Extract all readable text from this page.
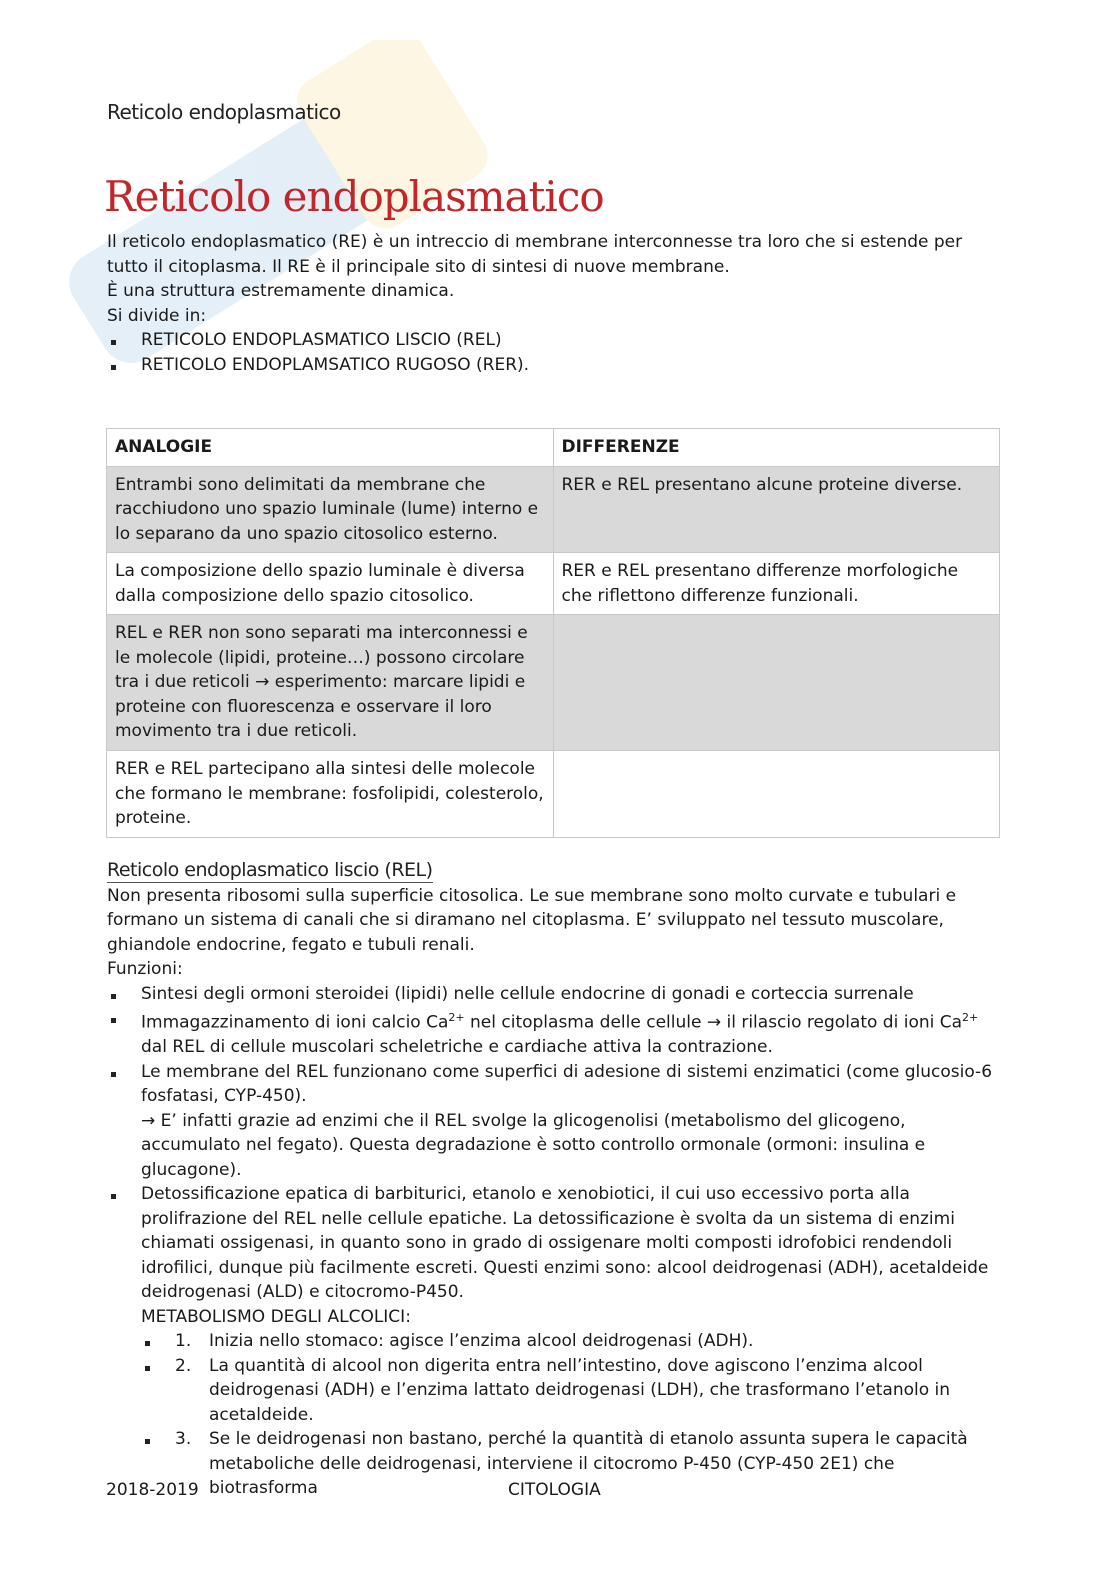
Reticolo endoplasmatico
Reticolo endoplasmatico

Il reticolo endoplasmatico (RE) è un intreccio di membrane interconnesse tra loro che si estende per tutto il citoplasma. Il RE è il principale sito di sintesi di nuove membrane.

È una struttura estremamente dinamica.

Si divide in:

RETICOLO ENDOPLASMATICO LISCIO (REL)
RETICOLO ENDOPLAMSATICO RUGOSO (RER).
ANALOGIE	DIFFERENZE
Entrambi sono delimitati da membrane che racchiudono uno spazio luminale (lume) interno e lo separano da uno spazio citosolico esterno.	RER e REL presentano alcune proteine diverse.
La composizione dello spazio luminale è diversa dalla composizione dello spazio citosolico.	RER e REL presentano differenze morfologiche che riflettono differenze funzionali.
REL e RER non sono separati ma interconnessi e le molecole (lipidi, proteine…) possono circolare tra i due reticoli → esperimento: marcare lipidi e proteine con fluorescenza e osservare il loro movimento tra i due reticoli.	
RER e REL partecipano alla sintesi delle molecole che formano le membrane: fosfolipidi, colesterolo, proteine.	
Reticolo endoplasmatico liscio (REL)

Non presenta ribosomi sulla superficie citosolica. Le sue membrane sono molto curvate e tubulari e formano un sistema di canali che si diramano nel citoplasma. E’ sviluppato nel tessuto muscolare, ghiandole endocrine, fegato e tubuli renali.

Funzioni:

Sintesi degli ormoni steroidei (lipidi) nelle cellule endocrine di gonadi e corteccia surrenale
Immagazzinamento di ioni calcio $Ca^{2+}$ nel citoplasma delle cellule → il rilascio regolato di ioni $Ca^{2+}$ dal REL di cellule muscolari scheletriche e cardiache attiva la contrazione.
Le membrane del REL funzionano come superfici di adesione di sistemi enzimatici (come glucosio-6 fosfatasi, CYP-450).
→ E’ infatti grazie ad enzimi che il REL svolge la glicogenolisi (metabolismo del glicogeno, accumulato nel fegato). Questa degradazione è sotto controllo ormonale (ormoni: insulina e glucagone).
Detossificazione epatica di barbiturici, etanolo e xenobiotici, il cui uso eccessivo porta alla prolifrazione del REL nelle cellule epatiche. La detossificazione è svolta da un sistema di enzimi chiamati ossigenasi, in quanto sono in grado di ossigenare molti composti idrofobici rendendoli idrofilici, dunque più facilmente escreti. Questi enzimi sono: alcool deidrogenasi (ADH), acetaldeide deidrogenasi (ALD) e citocromo-P450.
METABOLISMO DEGLI ALCOLICI:
1. Inizia nello stomaco: agisce l’enzima alcool deidrogenasi (ADH).
2. La quantità di alcool non digerita entra nell’intestino, dove agiscono l’enzima alcool deidrogenasi (ADH) e l’enzima lattato deidrogenasi (LDH), che trasformano l’etanolo in acetaldeide.
3. Se le deidrogenasi non bastano, perché la quantità di etanolo assunta supera le capacità metaboliche delle deidrogenasi, interviene il citocromo P-450 (CYP-450 2E1) che biotrasforma
2018-2019	CITOLOGIA
